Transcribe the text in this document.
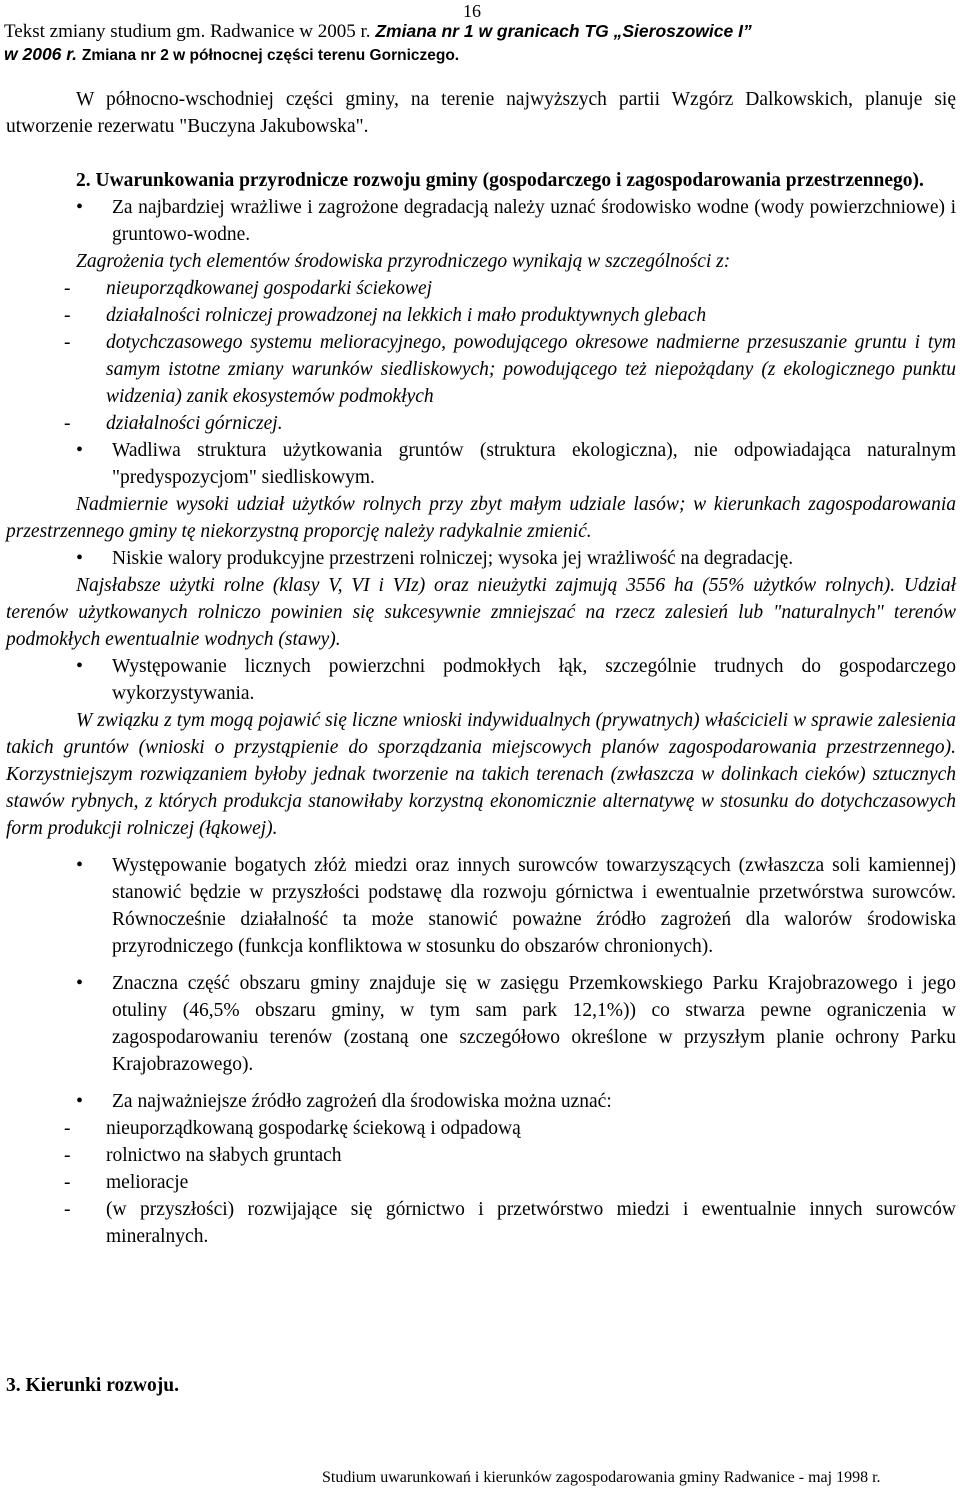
16
Tekst zmiany studium gm. Radwanice w 2005 r. Zmiana nr 1 w granicach TG „Sieroszowice I”
w 2006 r. Zmiana nr 2 w północnej części terenu Gorniczego.

W północno-wschodniej części gminy, na terenie najwyższych partii Wzgórz Dalkowskich, planuje się utworzenie rezerwatu "Buczyna Jakubowska".

2. Uwarunkowania przyrodnicze rozwoju gminy (gospodarczego i zagospodarowania przestrzennego).

• Za najbardziej wrażliwe i zagrożone degradacją należy uznać środowisko wodne (wody powierzchniowe) i gruntowo-wodne.

Zagrożenia tych elementów środowiska przyrodniczego wynikają w szczególności z:

- nieuporządkowanej gospodarki ściekowej

- działalności rolniczej prowadzonej na lekkich i mało produktywnych glebach

- dotychczasowego systemu melioracyjnego, powodującego okresowe nadmierne przesuszanie gruntu i tym samym istotne zmiany warunków siedliskowych; powodującego też niepożądany (z ekologicznego punktu widzenia) zanik ekosystemów podmokłych

- działalności górniczej.

• Wadliwa struktura użytkowania gruntów (struktura ekologiczna), nie odpowiadająca naturalnym "predyspozycjom" siedliskowym.

Nadmiernie wysoki udział użytków rolnych przy zbyt małym udziale lasów; w kierunkach zagospodarowania przestrzennego gminy tę niekorzystną proporcję należy radykalnie zmienić.

• Niskie walory produkcyjne przestrzeni rolniczej; wysoka jej wrażliwość na degradację.

Najsłabsze użytki rolne (klasy V, VI i VIz) oraz nieużytki zajmują 3556 ha (55% użytków rolnych). Udział terenów użytkowanych rolniczo powinien się sukcesywnie zmniejszać na rzecz zalesień lub "naturalnych" terenów podmokłych ewentualnie wodnych (stawy).

• Występowanie licznych powierzchni podmokłych łąk, szczególnie trudnych do gospodarczego wykorzystywania.

W związku z tym mogą pojawić się liczne wnioski indywidualnych (prywatnych) właścicieli w sprawie zalesienia takich gruntów (wnioski o przystąpienie do sporządzania miejscowych planów zagospodarowania przestrzennego). Korzystniejszym rozwiązaniem byłoby jednak tworzenie na takich terenach (zwłaszcza w dolinkach cieków) sztucznych stawów rybnych, z których produkcja stanowiłaby korzystną ekonomicznie alternatywę w stosunku do dotychczasowych form produkcji rolniczej (łąkowej).

• Występowanie bogatych złóż miedzi oraz innych surowców towarzyszących (zwłaszcza soli kamiennej) stanowić będzie w przyszłości podstawę dla rozwoju górnictwa i ewentualnie przetwórstwa surowców. Równocześnie działalność ta może stanowić poważne źródło zagrożeń dla walorów środowiska przyrodniczego (funkcja konfliktowa w stosunku do obszarów chronionych).

• Znaczna część obszaru gminy znajduje się w zasięgu Przemkowskiego Parku Krajobrazowego i jego otuliny (46,5% obszaru gminy, w tym sam park 12,1%)) co stwarza pewne ograniczenia w zagospodarowaniu terenów (zostaną one szczegółowo określone w przyszłym planie ochrony Parku Krajobrazowego).

• Za najważniejsze źródło zagrożeń dla środowiska można uznać:

- nieuporządkowaną gospodarkę ściekową i odpadową

- rolnictwo na słabych gruntach

- melioracje

- (w przyszłości) rozwijające się górnictwo i przetwórstwo miedzi i ewentualnie innych surowców mineralnych.

3. Kierunki rozwoju.
Studium uwarunkowań i kierunków zagospodarowania gminy Radwanice - maj 1998 r.
